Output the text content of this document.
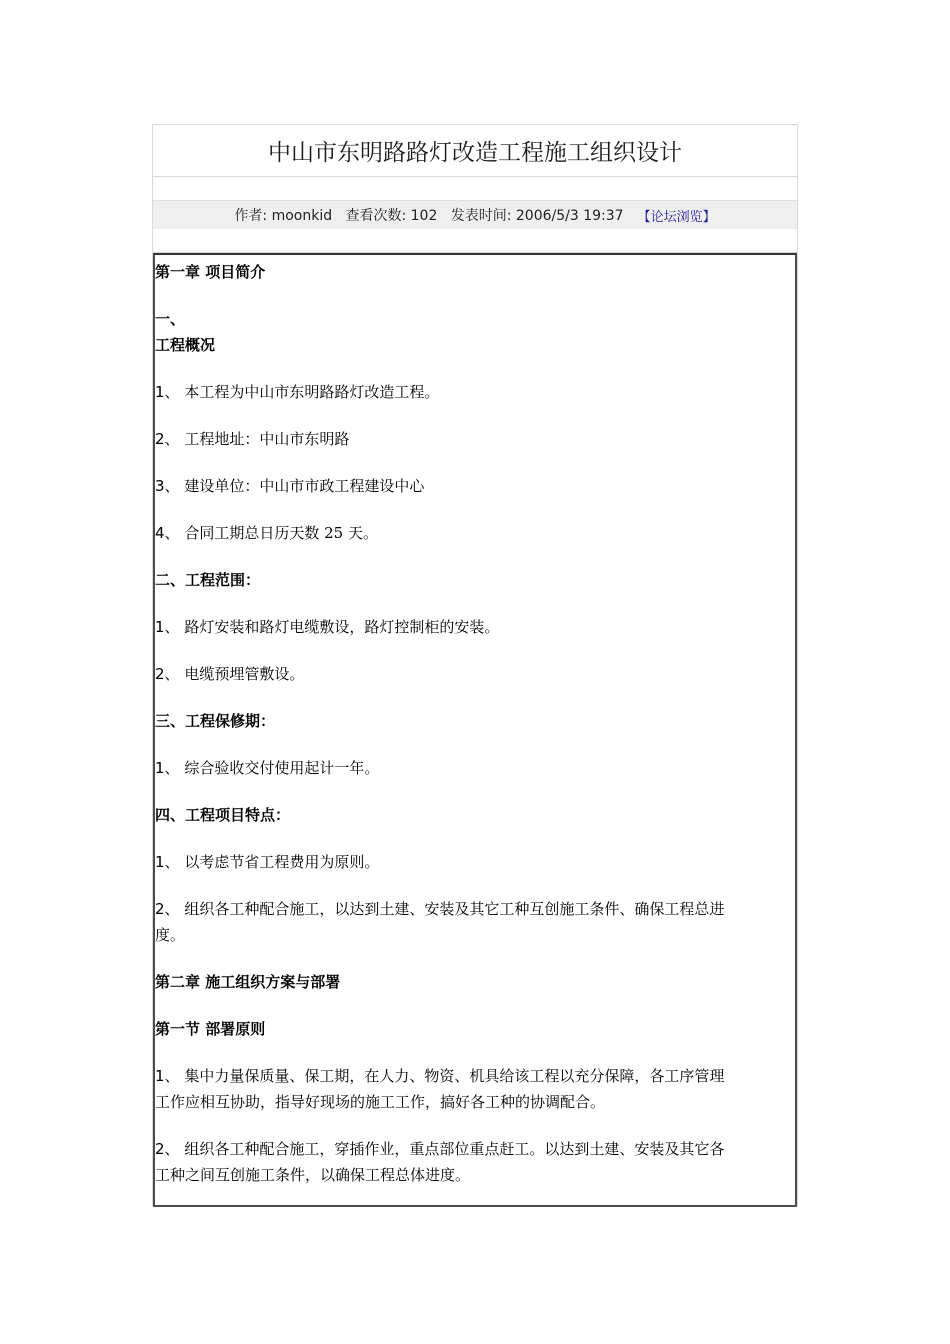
中山市东明路路灯改造工程施工组织设计
作者: moonkid
查看次数: 102
发表时间: 2006/5/3 19:37 【论坛浏览】

第一章 项目简介

一、

工程概况

1、 本工程为中山市东明路路灯改造工程。

2、 工程地址：中山市东明路

3、 建设单位：中山市市政工程建设中心

4、 合同工期总日历天数 25 天。

二、工程范围：

1、 路灯安装和路灯电缆敷设，路灯控制柜的安装。

2、 电缆预埋管敷设。

三、工程保修期：

1、 综合验收交付使用起计一年。

四、工程项目特点：

1、 以考虑节省工程费用为原则。

2、 组织各工种配合施工，以达到土建、安装及其它工种互创施工条件、确保工程总进

度。

第二章 施工组织方案与部署

第一节 部署原则

1、 集中力量保质量、保工期，在人力、物资、机具给该工程以充分保障，各工序管理

工作应相互协助，指导好现场的施工工作，搞好各工种的协调配合。

2、 组织各工种配合施工，穿插作业，重点部位重点赶工。以达到土建、安装及其它各

工种之间互创施工条件，以确保工程总体进度。
